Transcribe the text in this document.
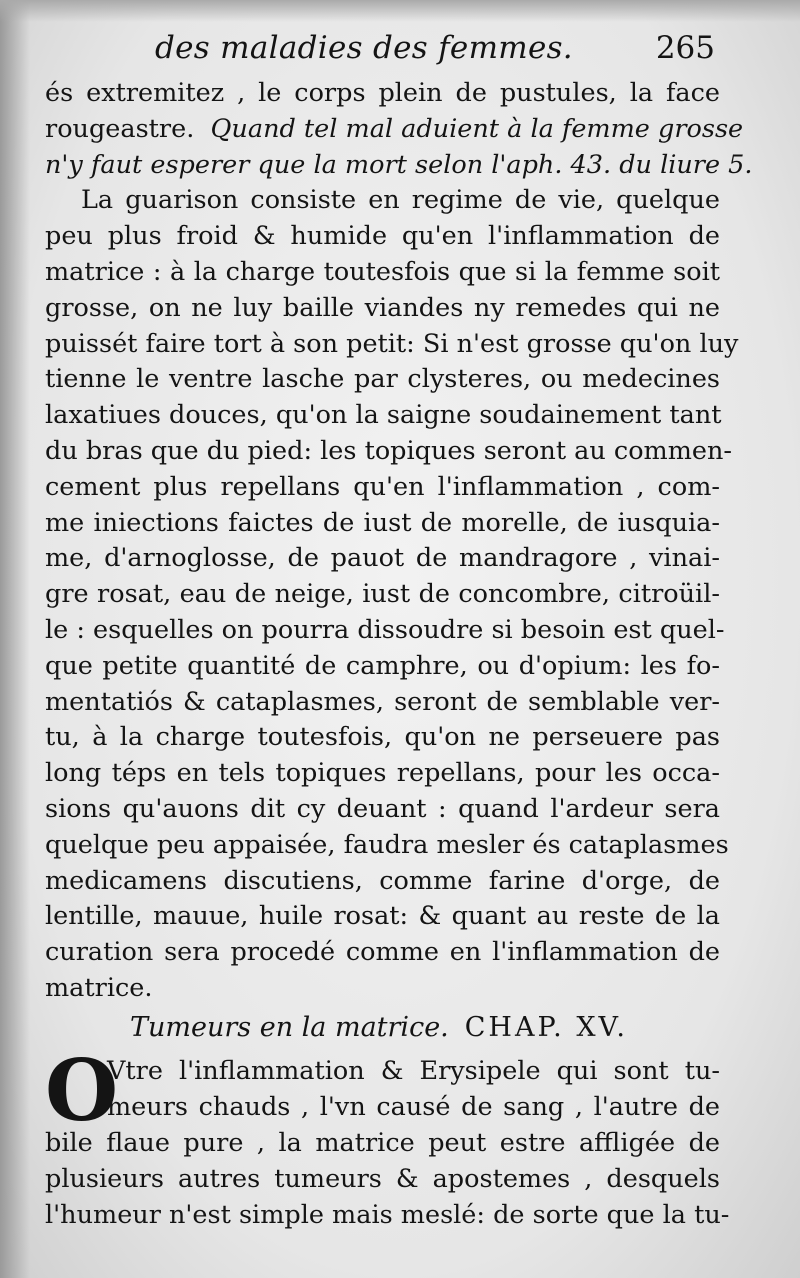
des maladies des femmes.	265
és extremitez , le corps plein de pustules, la face
rougeastre. Quand tel mal aduient à la femme grosse
n'y faut esperer que la mort selon l'aph. 43. du liure 5.
La guarison consiste en regime de vie, quelque
peu plus froid & humide qu'en l'inflammation de
matrice : à la charge toutesfois que si la femme soit
grosse, on ne luy baille viandes ny remedes qui ne
puissét faire tort à son petit: Si n'est grosse qu'on luy
tienne le ventre lasche par clysteres, ou medecines
laxatiues douces, qu'on la saigne soudainement tant
du bras que du pied: les topiques seront au commen-
cement plus repellans qu'en l'inflammation , com-
me iniections faictes de iust de morelle, de iusquia-
me, d'arnoglosse, de pauot de mandragore , vinai-
gre rosat, eau de neige, iust de concombre, citroüil-
le : esquelles on pourra dissoudre si besoin est quel-
que petite quantité de camphre, ou d'opium: les fo-
mentatiós & cataplasmes, seront de semblable ver-
tu, à la charge toutesfois, qu'on ne perseuere pas
long téps en tels topiques repellans, pour les occa-
sions qu'auons dit cy deuant : quand l'ardeur sera
quelque peu appaisée, faudra mesler és cataplasmes
medicamens discutiens, comme farine d'orge, de
lentille, mauue, huile rosat: & quant au reste de la
curation sera procedé comme en l'inflammation de
matrice.
Tumeurs en la matrice. CHAP. XV.
O
Vtre l'inflammation & Erysipele qui sont tu-
meurs chauds , l'vn causé de sang , l'autre de
bile flaue pure , la matrice peut estre affligée de
plusieurs autres tumeurs & apostemes , desquels
l'humeur n'est simple mais meslé: de sorte que la tu-
